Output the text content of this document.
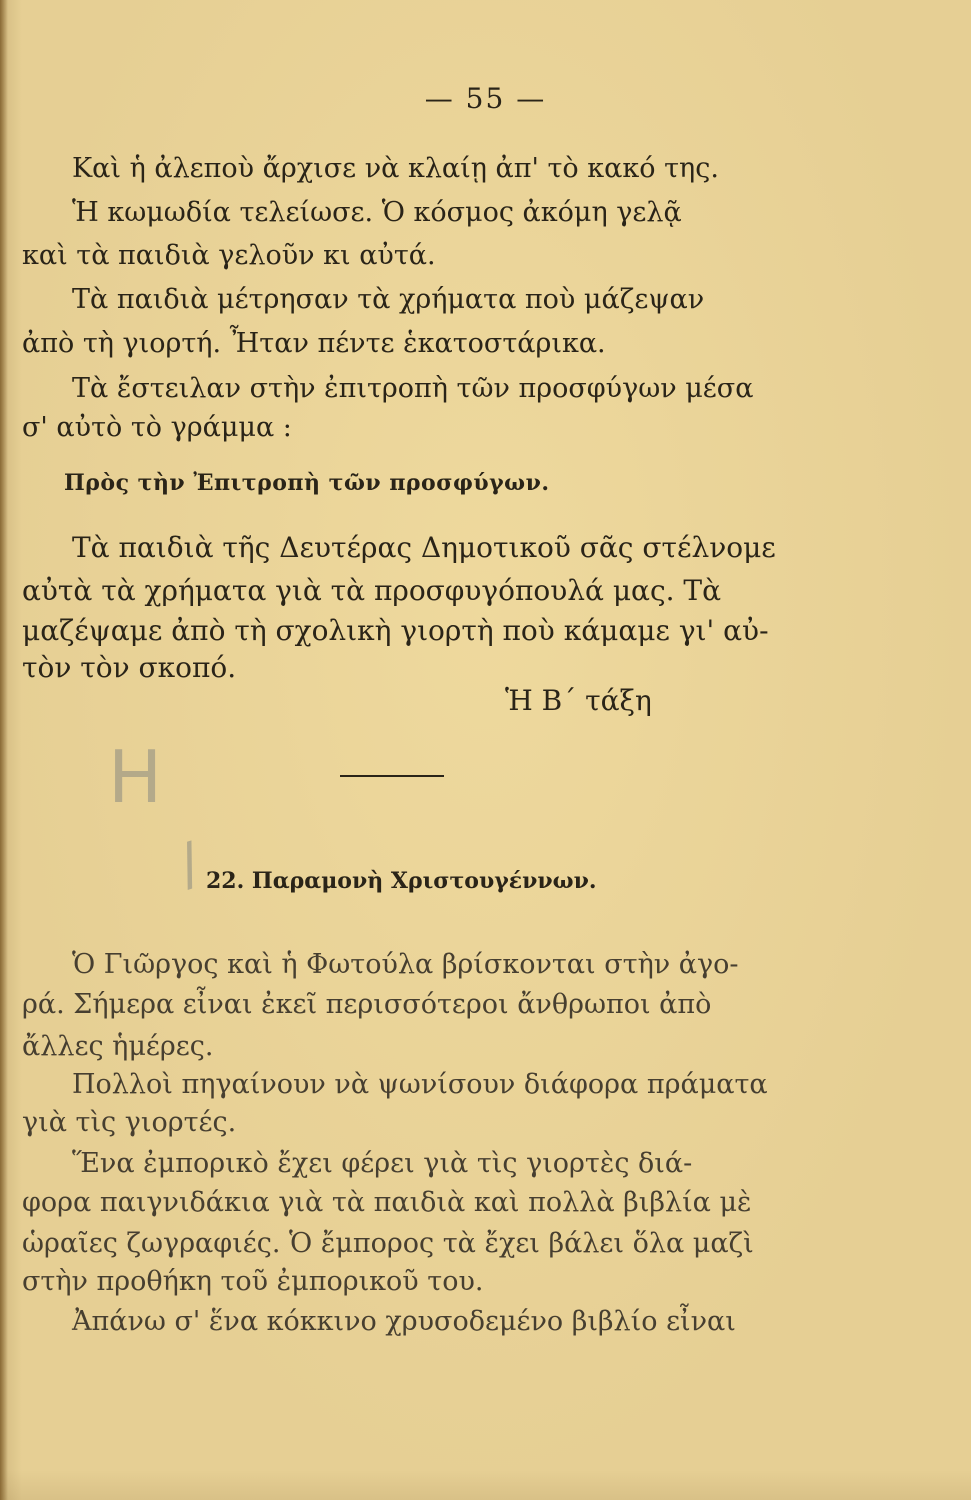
— 55 —
Καὶ ἡ ἀλεποὺ ἄρχισε νὰ κλαίῃ ἀπ' τὸ κακό της.
Ἡ κωμωδία τελείωσε. Ὁ κόσμος ἀκόμη γελᾷ
καὶ τὰ παιδιὰ γελοῦν κι αὐτά.
Τὰ παιδιὰ μέτρησαν τὰ χρήματα ποὺ μάζεψαν
ἀπὸ τὴ γιορτή. Ἦταν πέντε ἑκατοστάρικα.
Τὰ ἔστειλαν στὴν ἐπιτροπὴ τῶν προσφύγων μέσα
σ' αὐτὸ τὸ γράμμα :
Πρὸς τὴν Ἐπιτροπὴ τῶν προσφύγων.
Τὰ παιδιὰ τῆς Δευτέρας Δημοτικοῦ σᾶς στέλνομε
αὐτὰ τὰ χρήματα γιὰ τὰ προσφυγόπουλά μας. Τὰ
μαζέψαμε ἀπὸ τὴ σχολικὴ γιορτὴ ποὺ κάμαμε γι' αὐ-
τὸν τὸν σκοπό.
Ἡ Β΄ τάξη
H
/
22. Παραμονὴ Χριστουγέννων.
Ὁ Γιῶργος καὶ ἡ Φωτούλα βρίσκονται στὴν ἀγο-
ρά. Σήμερα εἶναι ἐκεῖ περισσότεροι ἄνθρωποι ἀπὸ
ἄλλες ἡμέρες.
Πολλοὶ πηγαίνουν νὰ ψωνίσουν διάφορα πράματα
γιὰ τὶς γιορτές.
Ἕνα ἐμπορικὸ ἔχει φέρει γιὰ τὶς γιορτὲς διά-
φορα παιγνιδάκια γιὰ τὰ παιδιὰ καὶ πολλὰ βιβλία μὲ
ὡραῖες ζωγραφιές. Ὁ ἔμπορος τὰ ἔχει βάλει ὅλα μαζὶ
στὴν προθήκη τοῦ ἐμπορικοῦ του.
Ἀπάνω σ' ἕνα κόκκινο χρυσοδεμένο βιβλίο εἶναι
